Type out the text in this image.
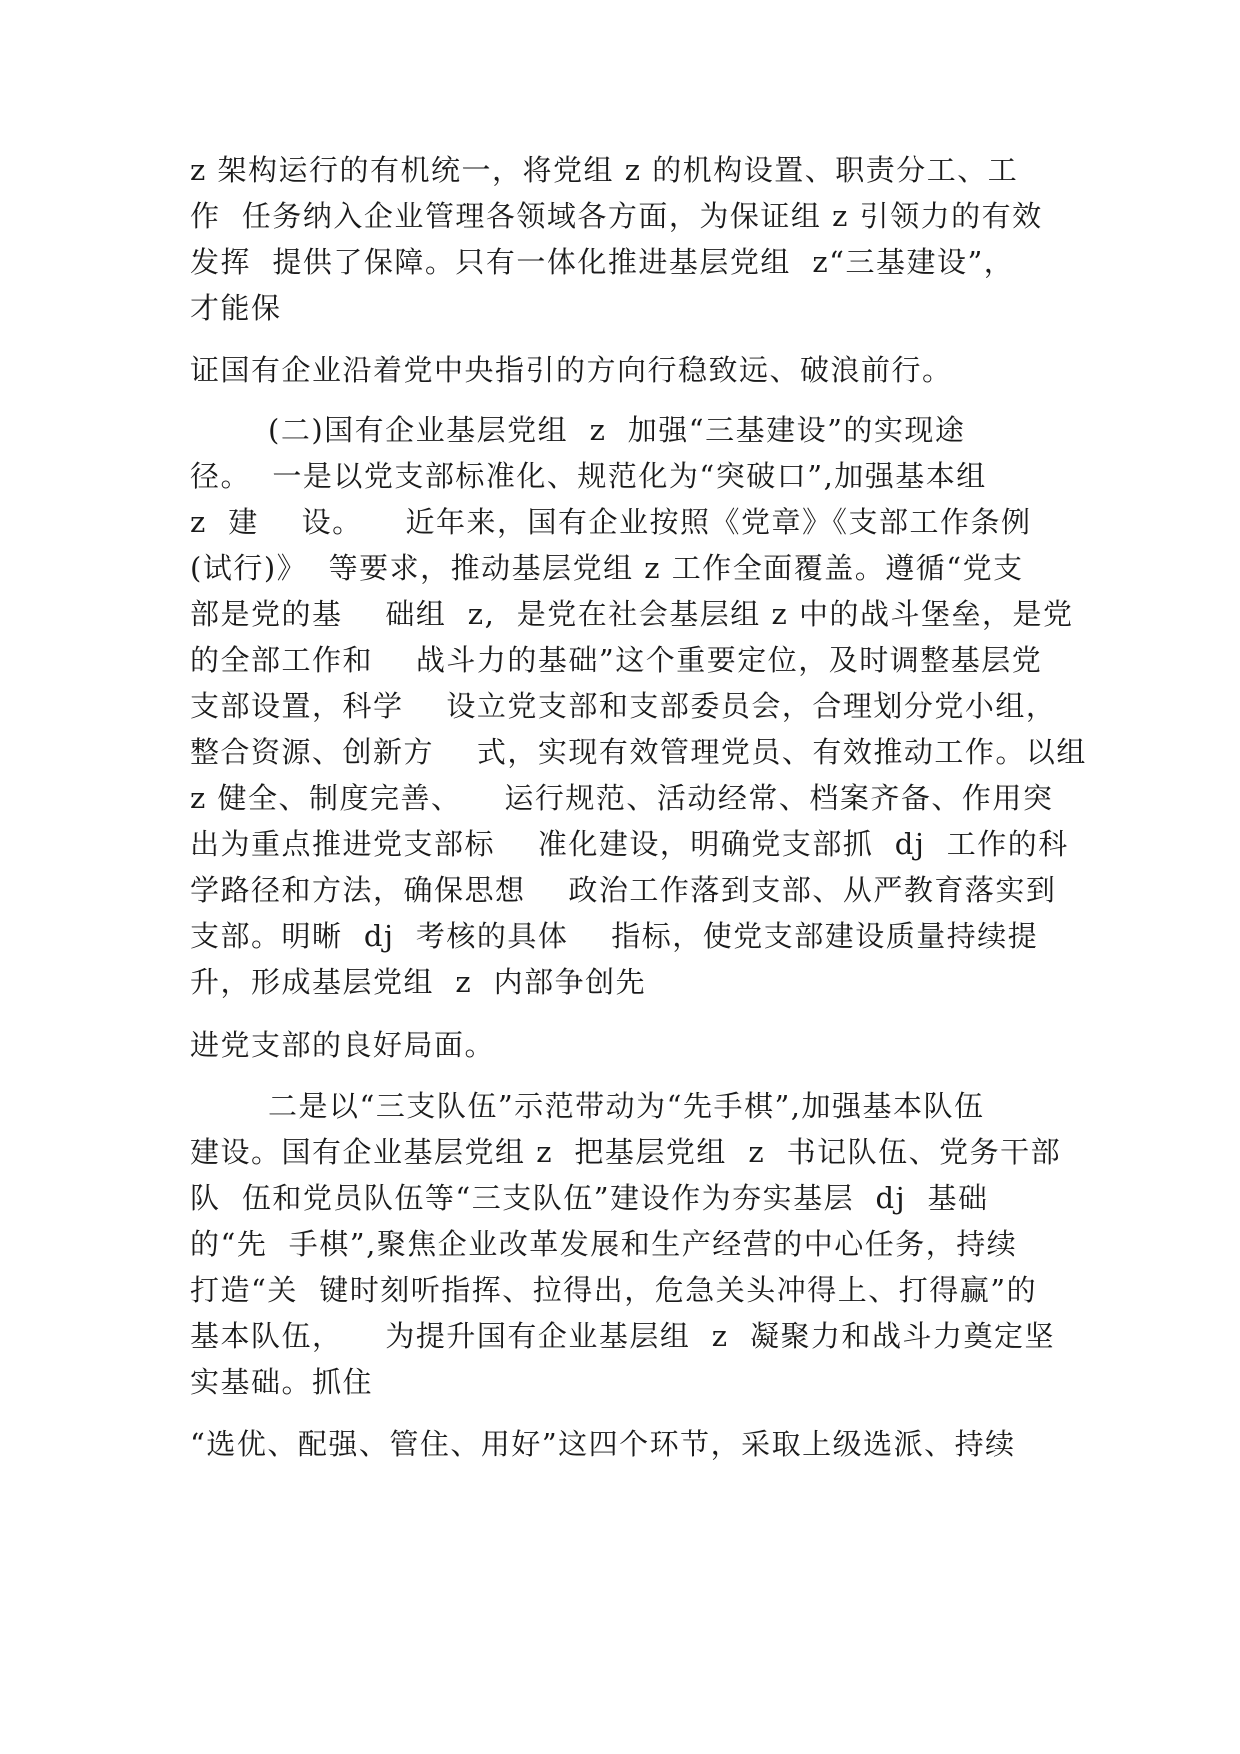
z 架构运行的有机统一，将党组 z 的机构设置、职责分工、工
作  任务纳入企业管理各领域各方面，为保证组 z 引领力的有效
发挥  提供了保障。只有一体化推进基层党组  z“三基建设”，
才能保
证国有企业沿着党中央指引的方向行稳致远、破浪前行。
(二)国有企业基层党组  z  加强“三基建设”的实现途
径。  一是以党支部标准化、规范化为“突破口”,加强基本组
z  建    设。    近年来，国有企业按照《党章》《支部工作条例
(试行)》  等要求，推动基层党组 z 工作全面覆盖。遵循“党支
部是党的基    础组  z,  是党在社会基层组 z 中的战斗堡垒，是党
的全部工作和    战斗力的基础”这个重要定位，及时调整基层党
支部设置，科学    设立党支部和支部委员会，合理划分党小组，
整合资源、创新方    式，实现有效管理党员、有效推动工作。以组
z 健全、制度完善、    运行规范、活动经常、档案齐备、作用突
出为重点推进党支部标    准化建设，明确党支部抓  dj  工作的科
学路径和方法，确保思想    政治工作落到支部、从严教育落实到
支部。明晰  dj  考核的具体    指标，使党支部建设质量持续提
升，形成基层党组  z  内部争创先
进党支部的良好局面。
二是以“三支队伍”示范带动为“先手棋”,加强基本队伍
建设。国有企业基层党组 z  把基层党组  z  书记队伍、党务干部
队  伍和党员队伍等“三支队伍”建设作为夯实基层  dj  基础
的“先  手棋”,聚焦企业改革发展和生产经营的中心任务，持续
打造“关  键时刻听指挥、拉得出，危急关头冲得上、打得赢”的
基本队伍，    为提升国有企业基层组  z  凝聚力和战斗力奠定坚
实基础。抓住
“选优、配强、管住、用好”这四个环节，采取上级选派、持续
